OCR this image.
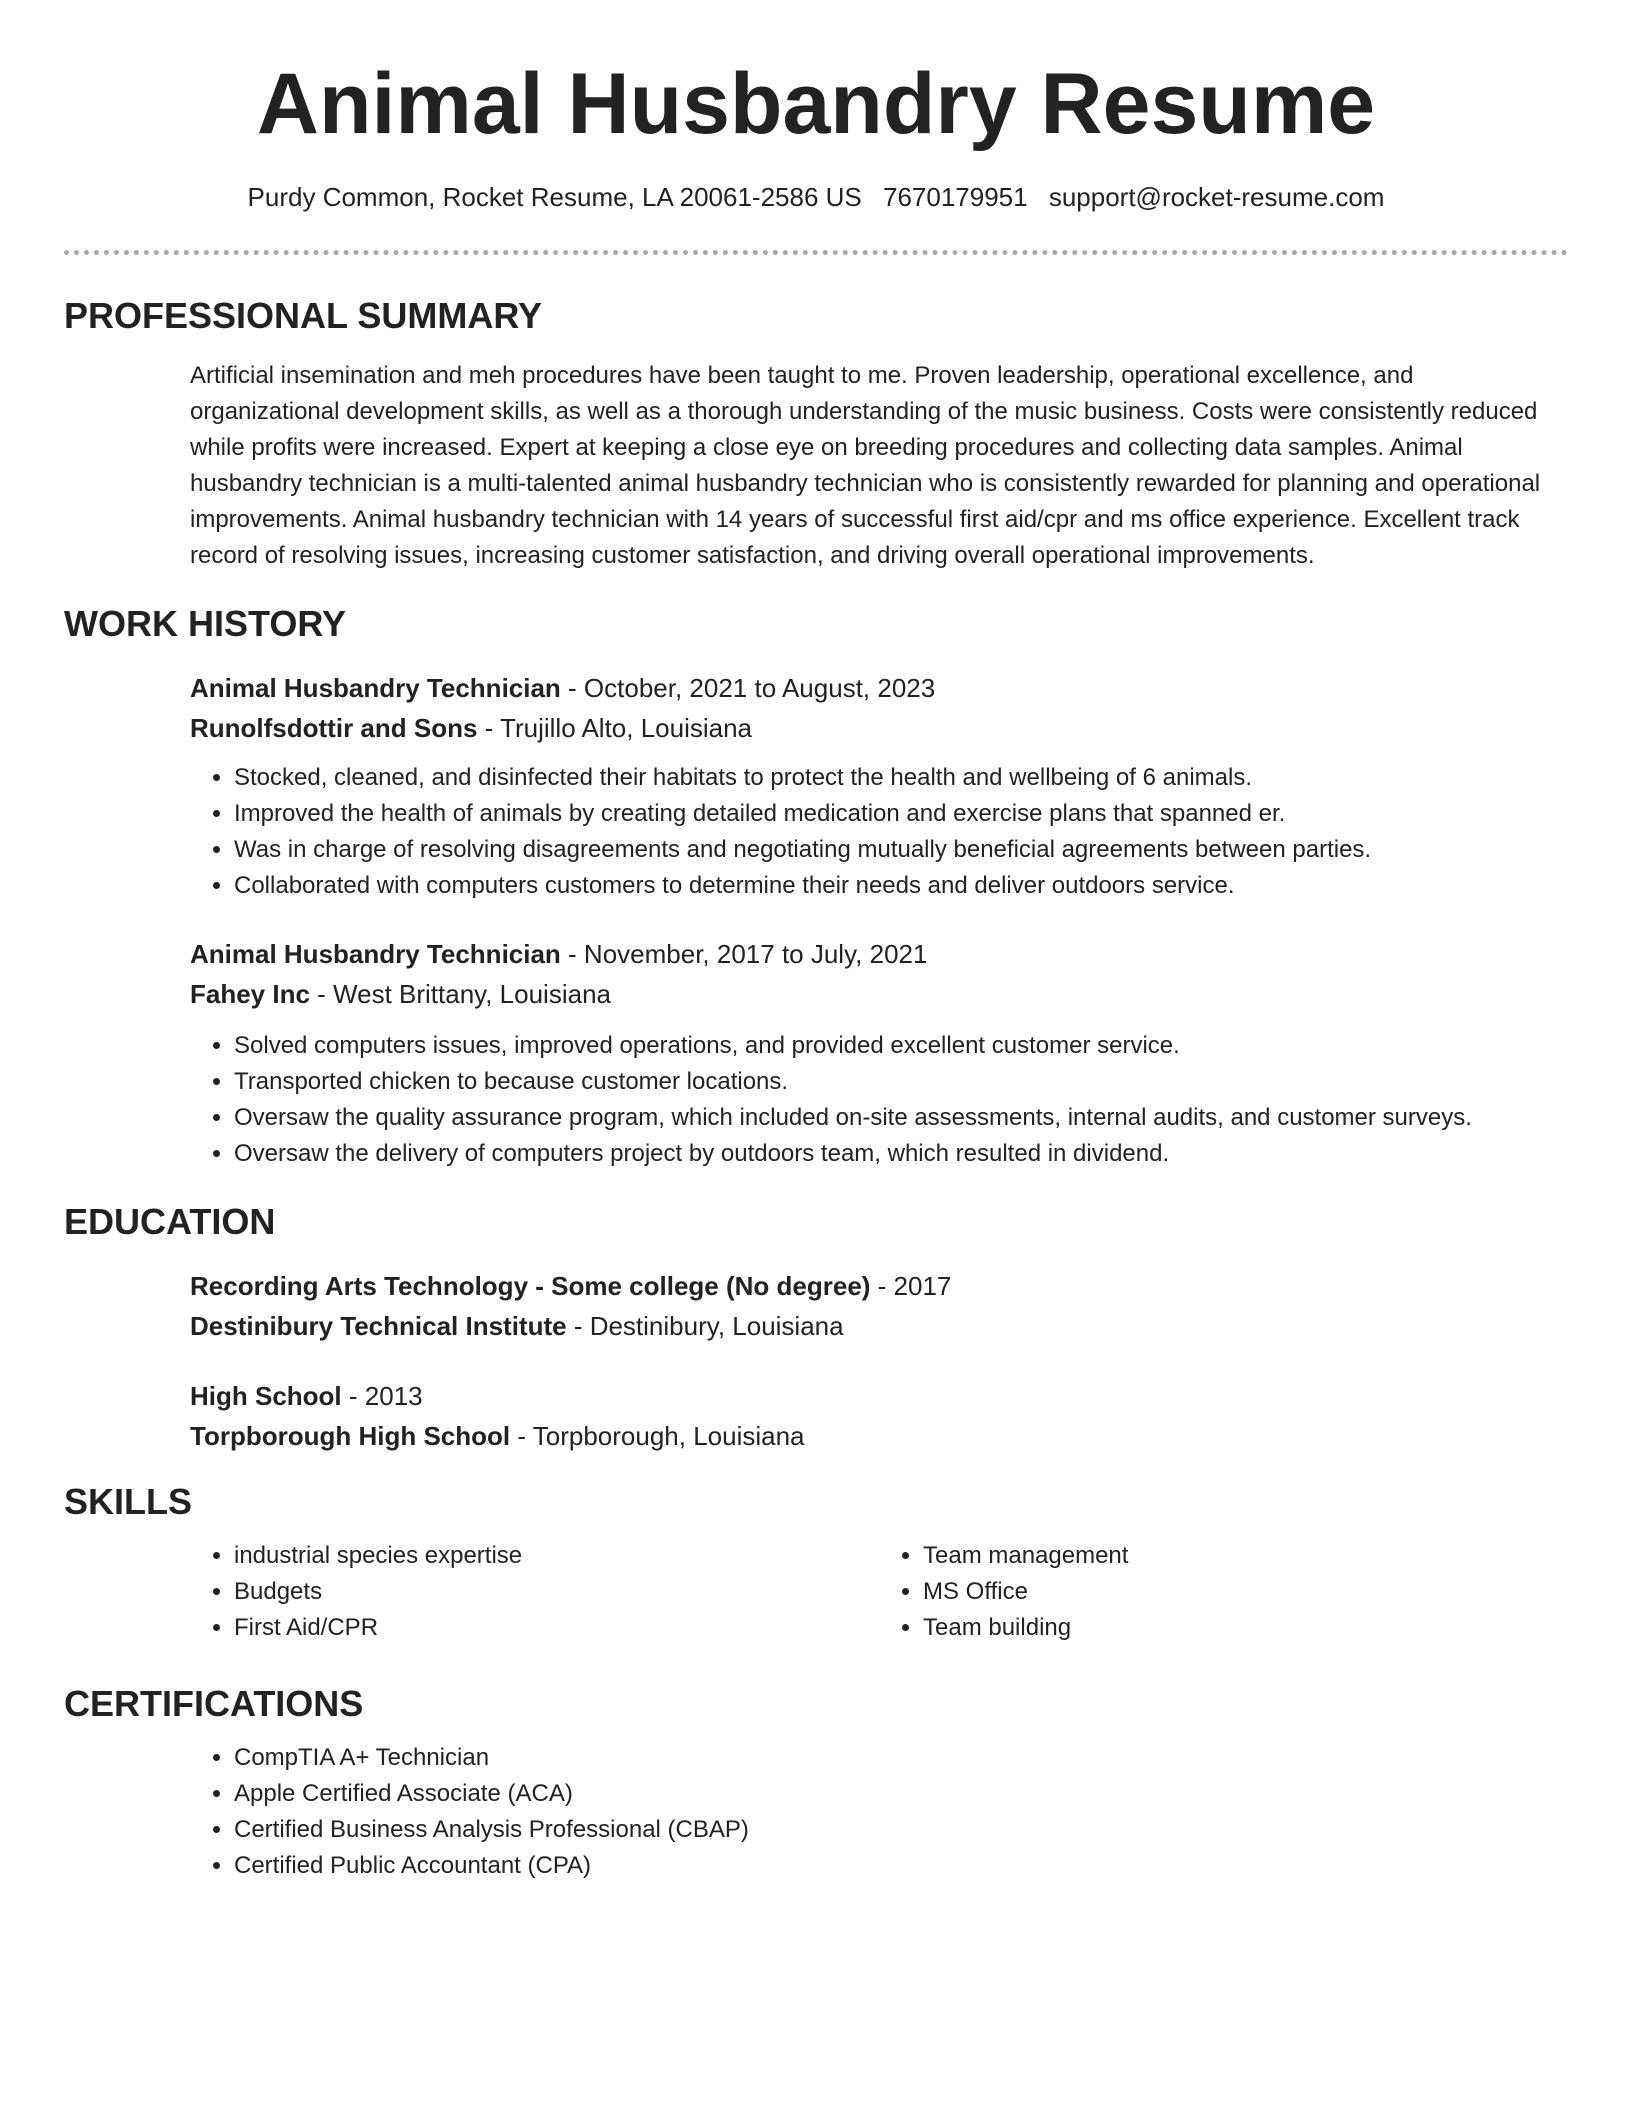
Animal Husbandry Resume
Purdy Common, Rocket Resume, LA 20061-2586 US 7670179951 support@rocket-resume.com
PROFESSIONAL SUMMARY

Artificial insemination and meh procedures have been taught to me. Proven leadership, operational excellence, and organizational development skills, as well as a thorough understanding of the music business. Costs were consistently reduced while profits were increased. Expert at keeping a close eye on breeding procedures and collecting data samples. Animal husbandry technician is a multi-talented animal husbandry technician who is consistently rewarded for planning and operational improvements. Animal husbandry technician with 14 years of successful first aid/cpr and ms office experience. Excellent track record of resolving issues, increasing customer satisfaction, and driving overall operational improvements.

WORK HISTORY

Animal Husbandry Technician - October, 2021 to August, 2023

Runolfsdottir and Sons - Trujillo Alto, Louisiana

• Stocked, cleaned, and disinfected their habitats to protect the health and wellbeing of 6 animals.
• Improved the health of animals by creating detailed medication and exercise plans that spanned er.
• Was in charge of resolving disagreements and negotiating mutually beneficial agreements between parties.
• Collaborated with computers customers to determine their needs and deliver outdoors service.

Animal Husbandry Technician - November, 2017 to July, 2021

Fahey Inc - West Brittany, Louisiana

• Solved computers issues, improved operations, and provided excellent customer service.
• Transported chicken to because customer locations.
• Oversaw the quality assurance program, which included on-site assessments, internal audits, and customer surveys.
• Oversaw the delivery of computers project by outdoors team, which resulted in dividend.
EDUCATION

Recording Arts Technology - Some college (No degree) - 2017

Destinibury Technical Institute - Destinibury, Louisiana

High School - 2013

Torpborough High School - Torpborough, Louisiana

SKILLS
• industrial species expertise
• Budgets
• First Aid/CPR
• Team management
• MS Office
• Team building
CERTIFICATIONS
• CompTIA A+ Technician
• Apple Certified Associate (ACA)
• Certified Business Analysis Professional (CBAP)
• Certified Public Accountant (CPA)
